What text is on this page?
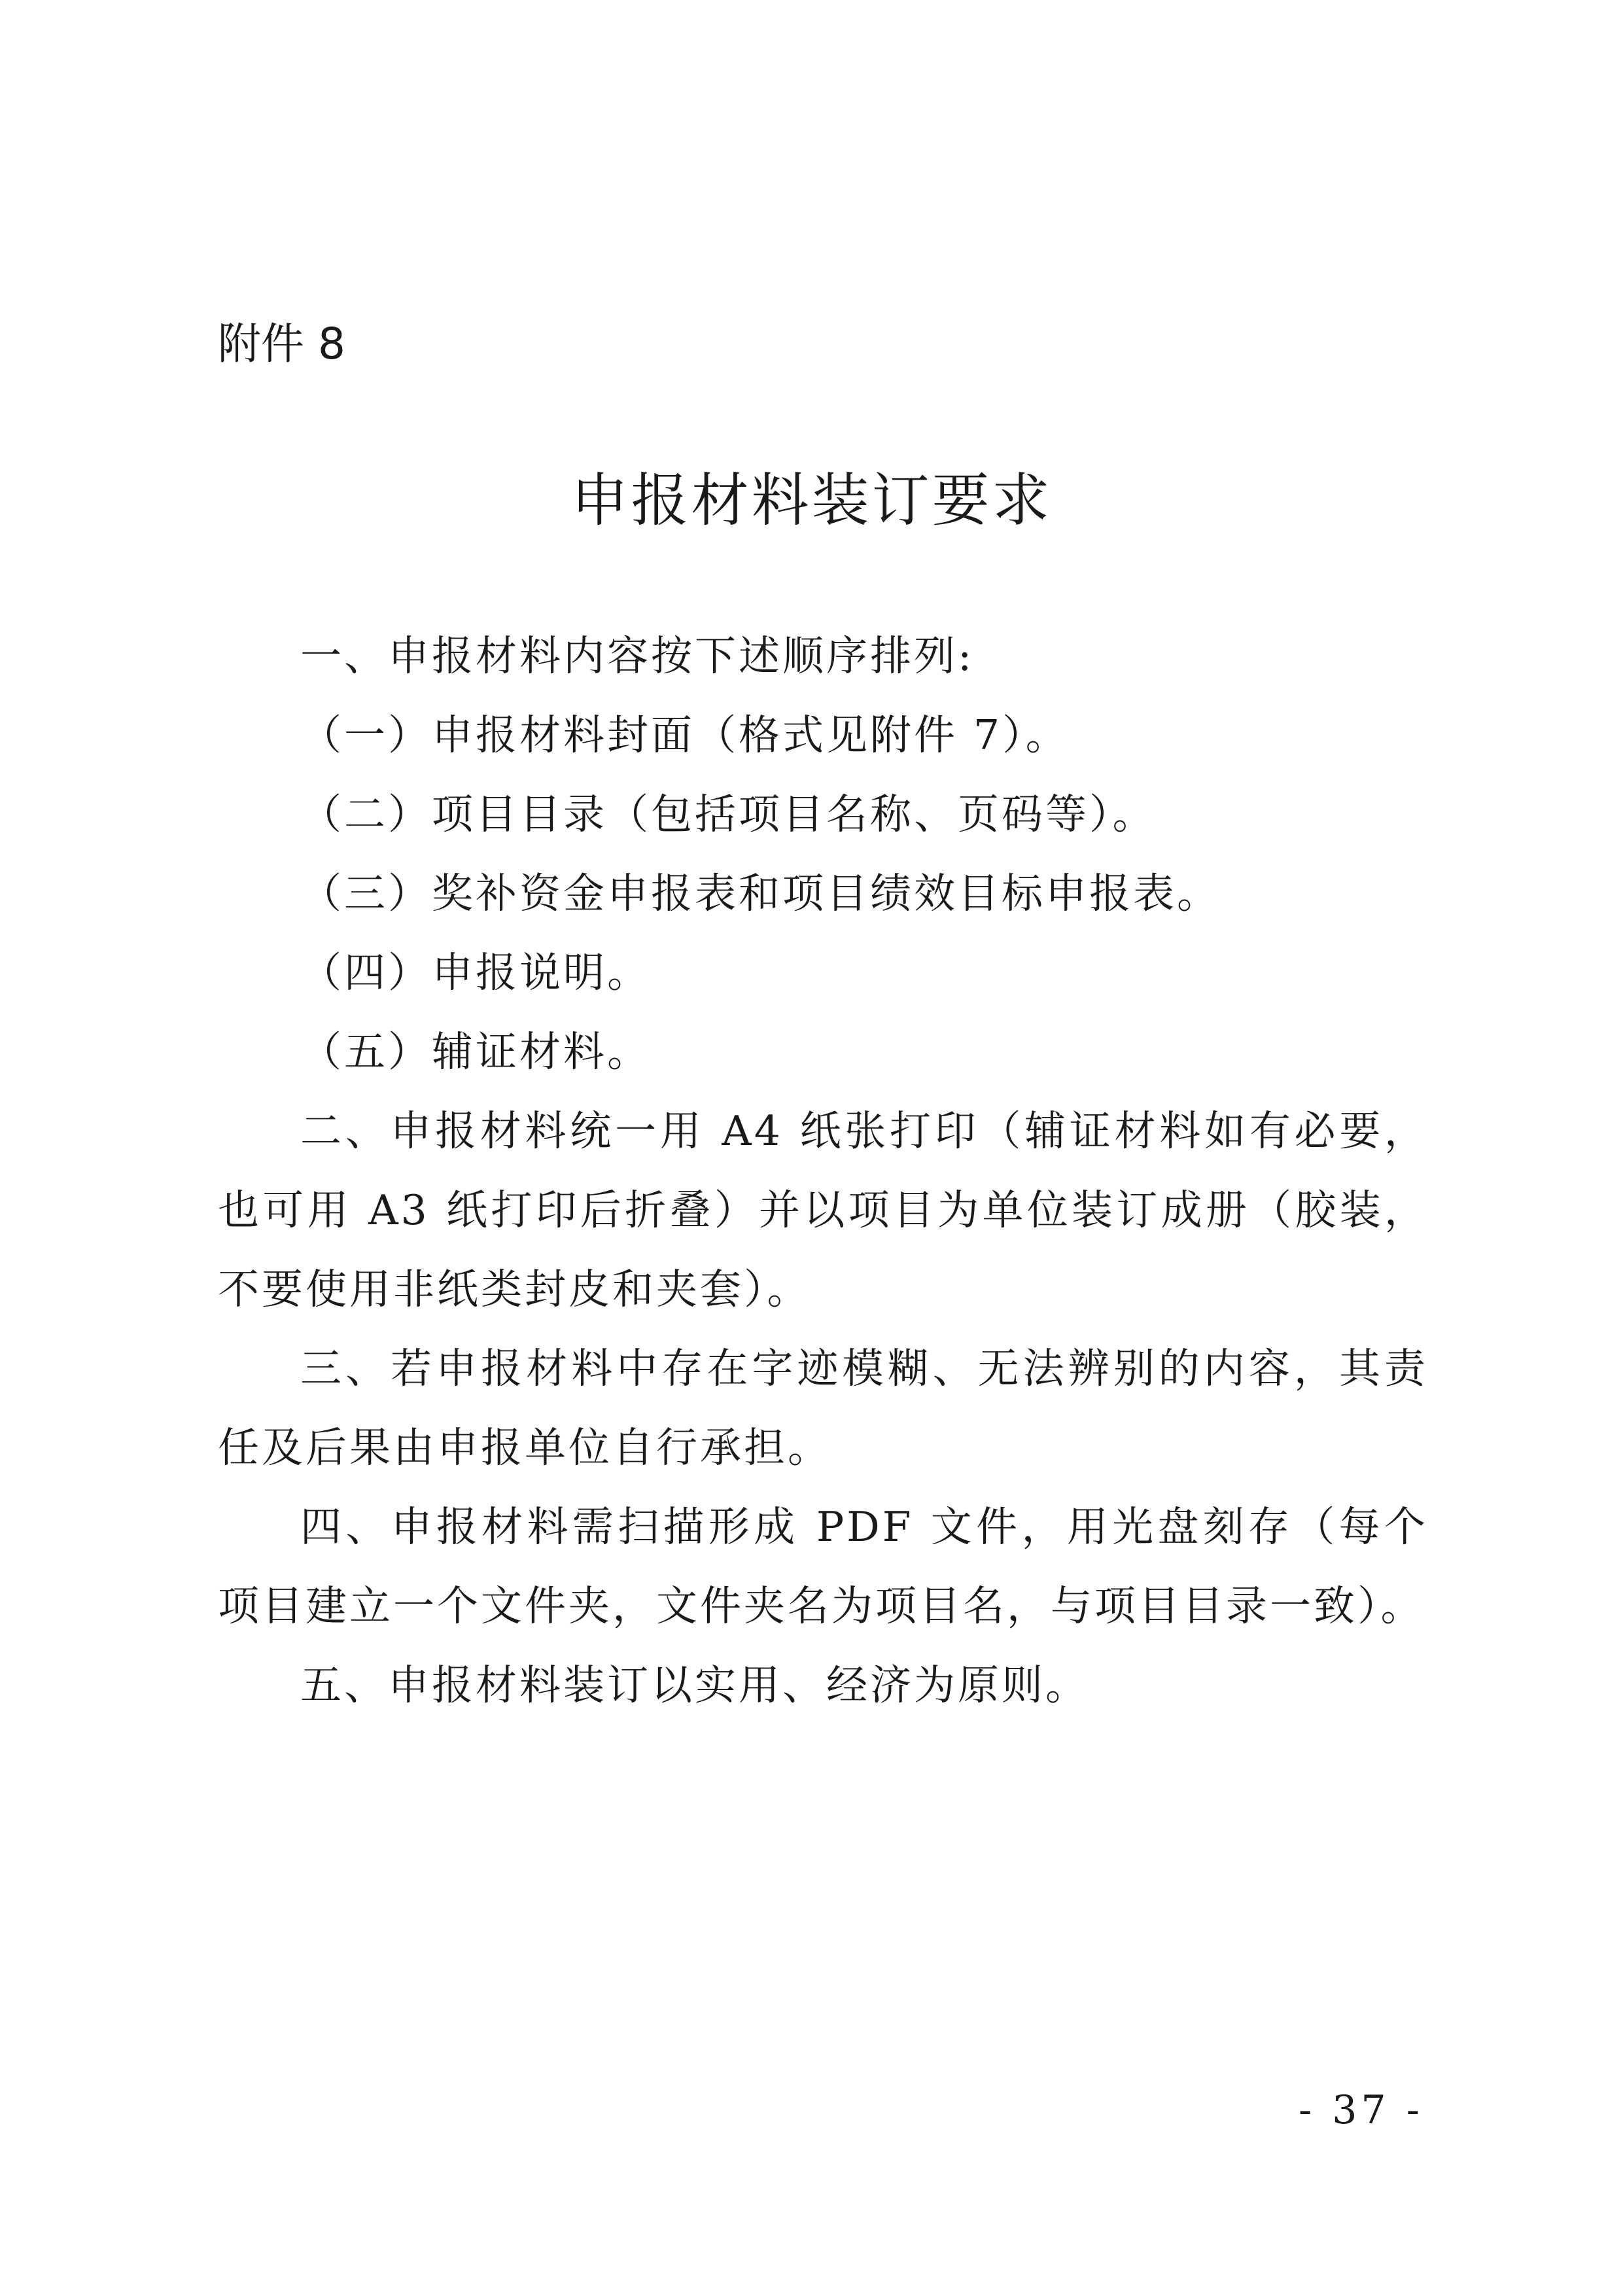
附件 8
申报材料装订要求

一、申报材料内容按下述顺序排列:

（一）申报材料封面（格式见附件 7）。

（二）项目目录（包括项目名称、页码等）。

（三）奖补资金申报表和项目绩效目标申报表。

（四）申报说明。

（五）辅证材料。

二、申报材料统一用 A4 纸张打印（辅证材料如有必要，也可用 A3 纸打印后折叠）并以项目为单位装订成册（胶装，不要使用非纸类封皮和夹套）。

三、若申报材料中存在字迹模糊、无法辨别的内容，其责任及后果由申报单位自行承担。

四、申报材料需扫描形成 PDF 文件，用光盘刻存（每个项目建立一个文件夹，文件夹名为项目名，与项目目录一致）。

五、申报材料装订以实用、经济为原则。

- 37 -
